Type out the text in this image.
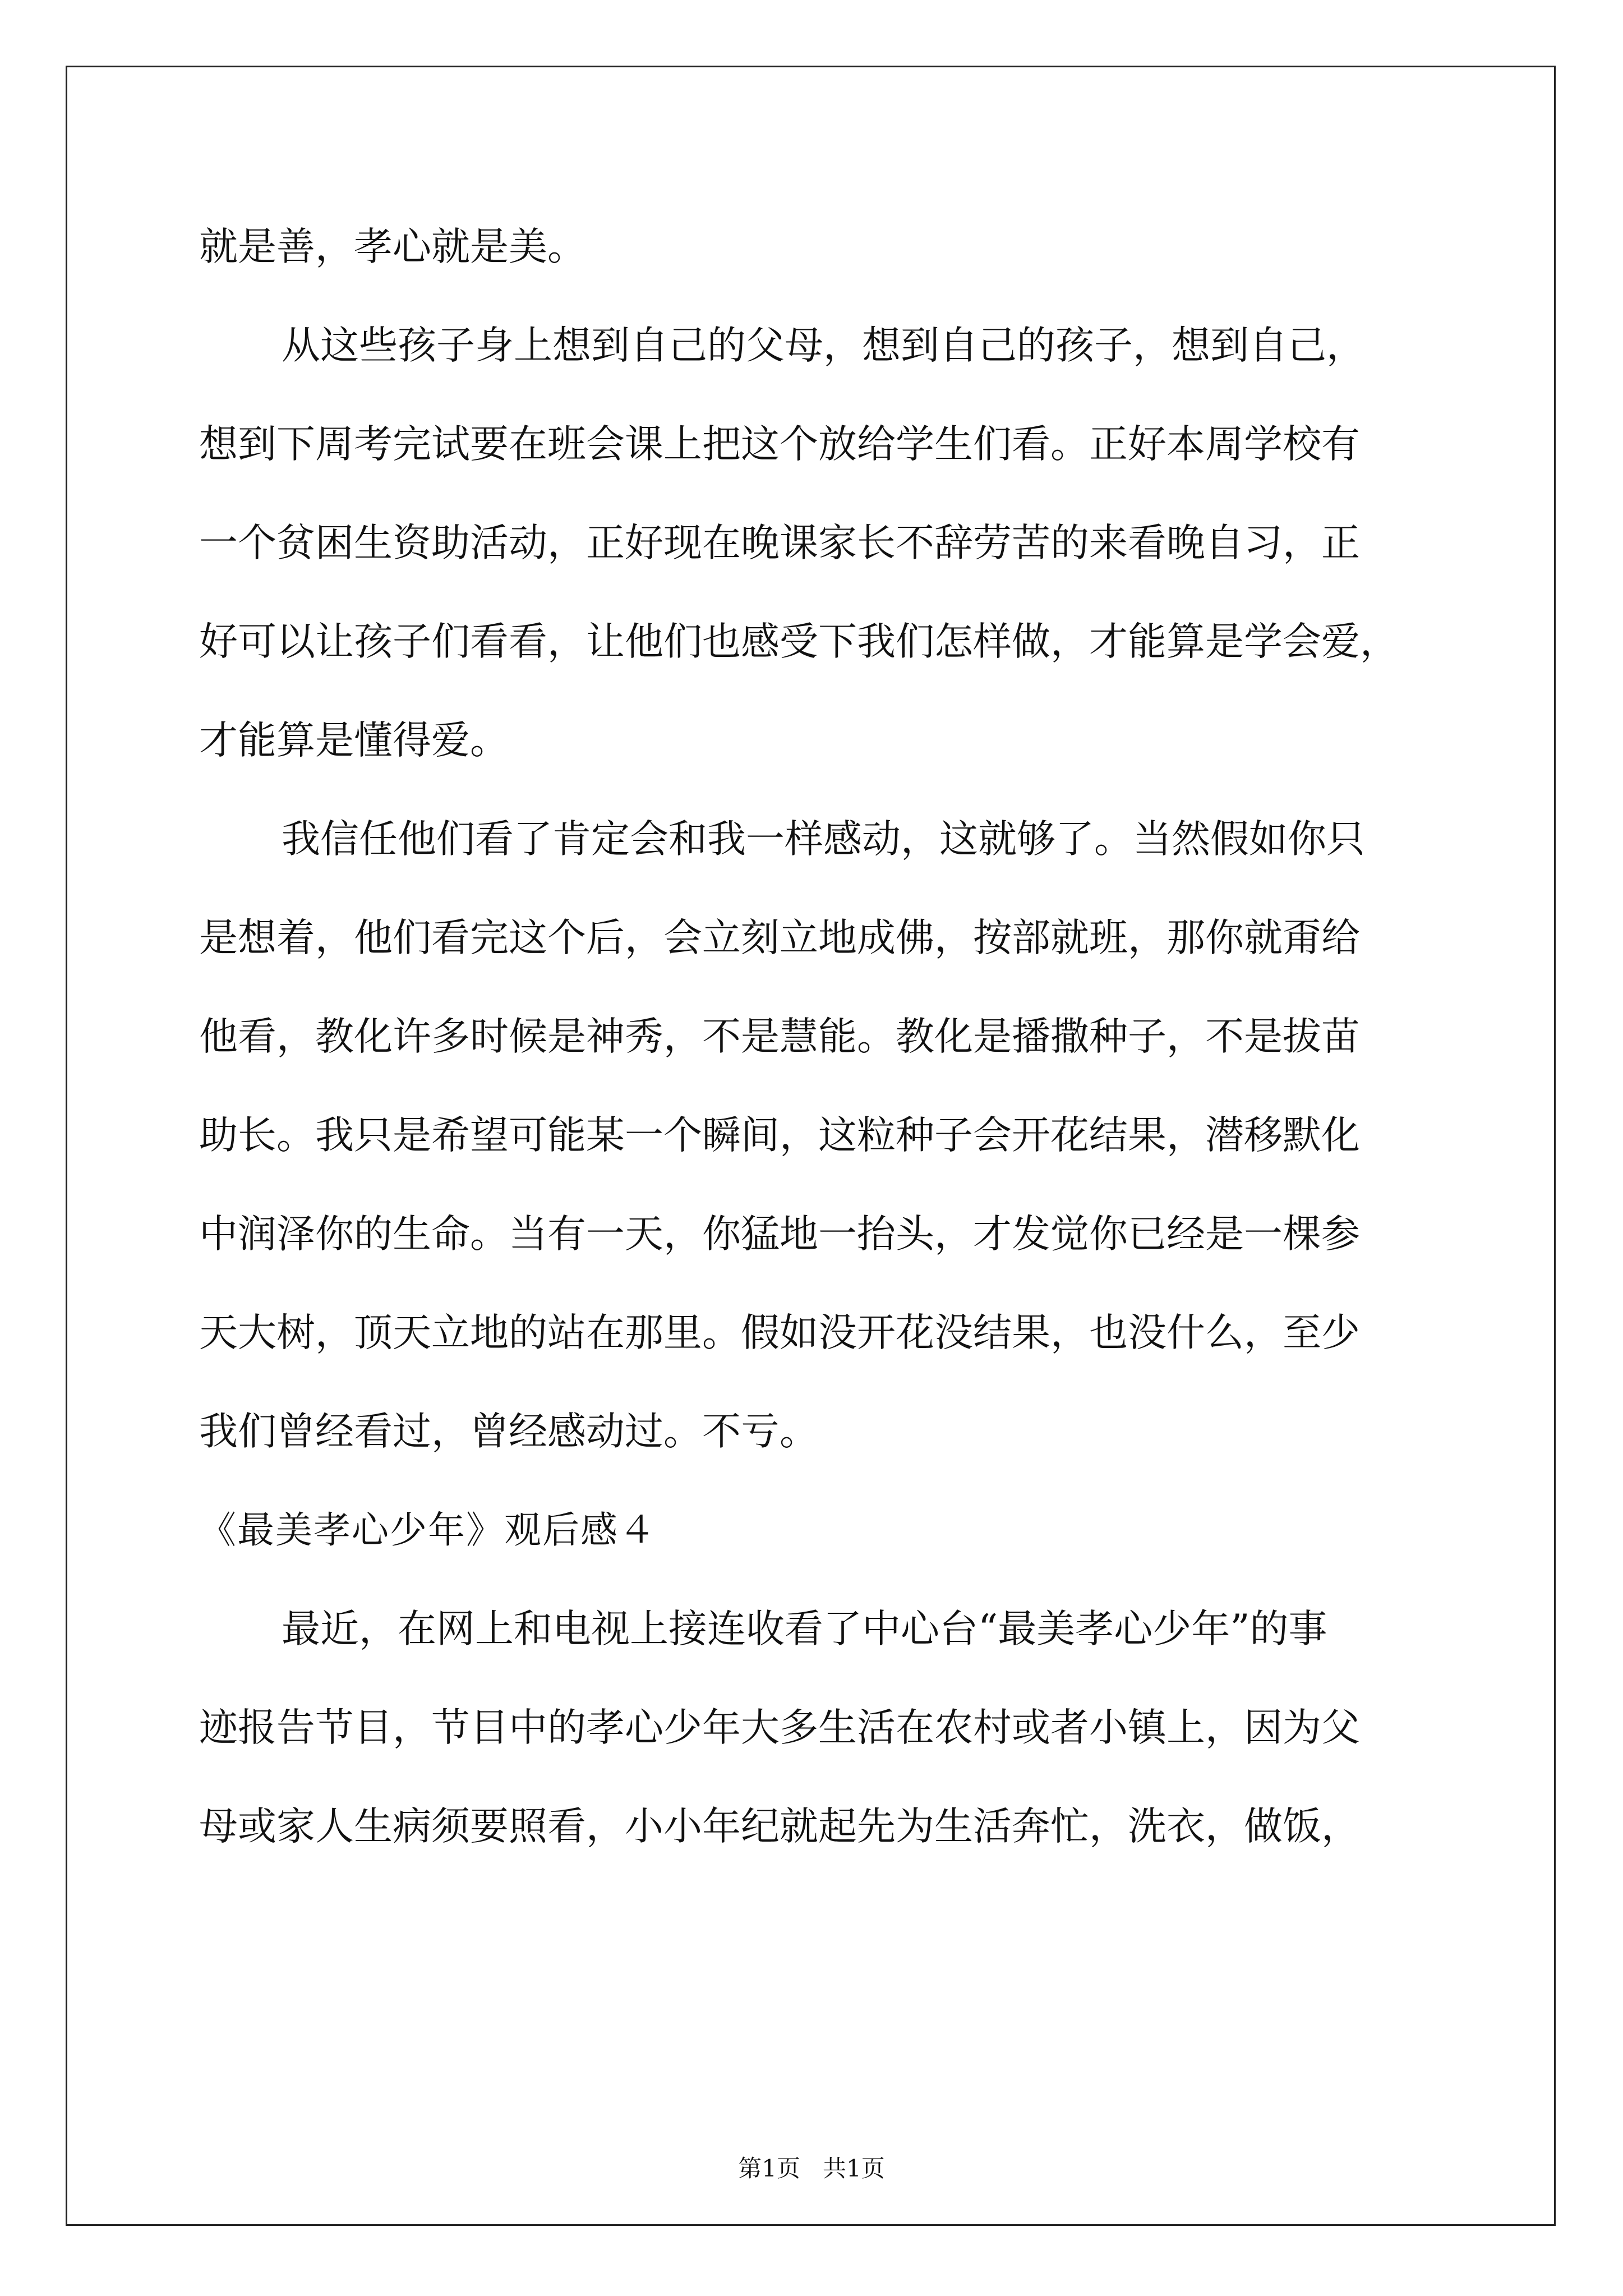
就是善，孝心就是美。
从这些孩子身上想到自己的父母，想到自己的孩子，想到自己，
想到下周考完试要在班会课上把这个放给学生们看。正好本周学校有
一个贫困生资助活动，正好现在晚课家长不辞劳苦的来看晚自习，正
好可以让孩子们看看，让他们也感受下我们怎样做，才能算是学会爱，
才能算是懂得爱。
我信任他们看了肯定会和我一样感动，这就够了。当然假如你只
是想着，他们看完这个后，会立刻立地成佛，按部就班，那你就甭给
他看，教化许多时候是神秀，不是慧能。教化是播撒种子，不是拔苗
助长。我只是希望可能某一个瞬间，这粒种子会开花结果，潜移默化
中润泽你的生命。当有一天，你猛地一抬头，才发觉你已经是一棵参
天大树，顶天立地的站在那里。假如没开花没结果，也没什么，至少
我们曾经看过，曾经感动过。不亏。
《最美孝心少年》观后感４
最近，在网上和电视上接连收看了中心台“最美孝心少年”的事
迹报告节目，节目中的孝心少年大多生活在农村或者小镇上，因为父
母或家人生病须要照看，小小年纪就起先为生活奔忙，洗衣，做饭，
第1页   共1页
